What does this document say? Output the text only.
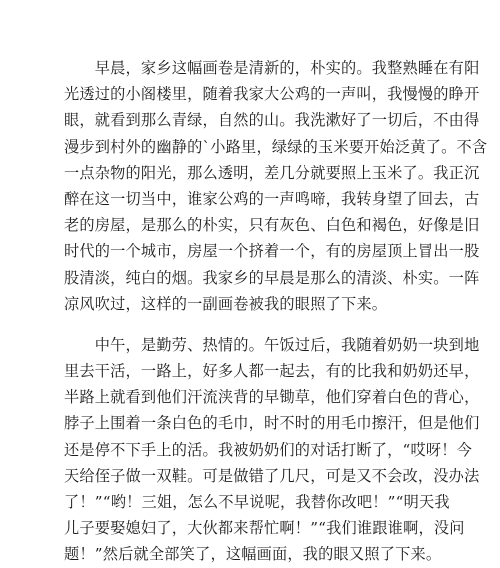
　　早晨，家乡这幅画卷是清新的，朴实的。我整熟睡在有阳
光透过的小阁楼里，随着我家大公鸡的一声叫，我慢慢的睁开
眼，就看到那么青绿，自然的山。我洗漱好了一切后，不由得
漫步到村外的幽静的`小路里，绿绿的玉米要开始泛黄了。不含
一点杂物的阳光，那么透明，差几分就要照上玉米了。我正沉
醉在这一切当中，谁家公鸡的一声鸣啼，我转身望了回去，古
老的房屋，是那么的朴实，只有灰色、白色和褐色，好像是旧
时代的一个城市，房屋一个挤着一个，有的房屋顶上冒出一股
股清淡，纯白的烟。我家乡的早晨是那么的清淡、朴实。一阵
凉风吹过，这样的一副画卷被我的眼照了下来。

　　中午，是勤劳、热情的。午饭过后，我随着奶奶一块到地
里去干活，一路上，好多人都一起去，有的比我和奶奶还早，
半路上就看到他们汗流浃背的早锄草，他们穿着白色的背心，
脖子上围着一条白色的毛巾，时不时的用毛巾擦汗，但是他们
还是停不下手上的活。我被奶奶们的对话打断了，“哎呀！今
天给侄子做一双鞋。可是做错了几尺，可是又不会改，没办法
了！”“哟！三姐，怎么不早说呢，我替你改吧！”“明天我
儿子要娶媳妇了，大伙都来帮忙啊！”“我们谁跟谁啊，没问
题！”然后就全部笑了，这幅画面，我的眼又照了下来。
